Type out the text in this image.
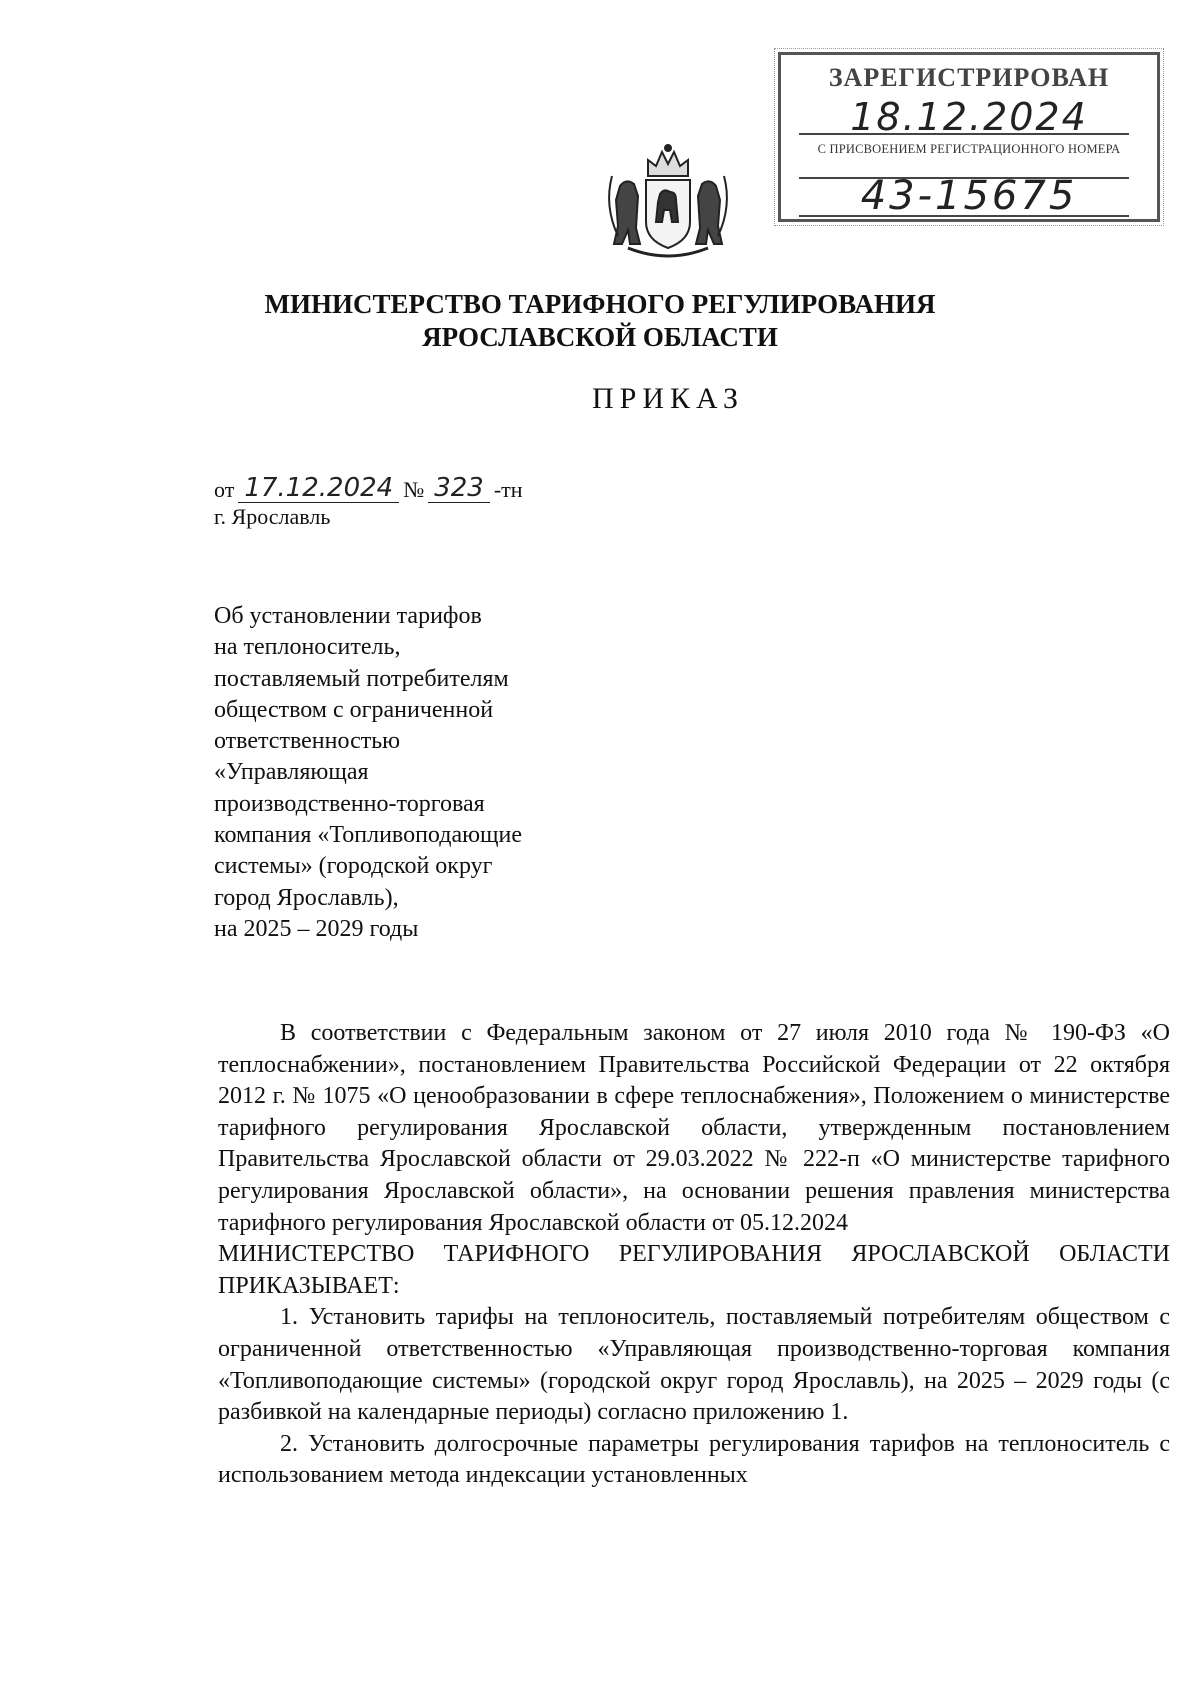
ЗАРЕГИСТРИРОВАН
18.12.2024
С ПРИСВОЕНИЕМ РЕГИСТРАЦИОННОГО НОМЕРА
43-15675
МИНИСТЕРСТВО ТАРИФНОГО РЕГУЛИРОВАНИЯ
ЯРОСЛАВСКОЙ ОБЛАСТИ
ПРИКАЗ
от 17.12.2024 № 323 -тн
г. Ярославль
Об установлении тарифов
на теплоноситель,
поставляемый потребителям
обществом с ограниченной
ответственностью
«Управляющая
производственно-торговая
компания «Топливоподающие
системы» (городской округ
город Ярославль),
на 2025 – 2029 годы

В соответствии с Федеральным законом от 27 июля 2010 года № 190-ФЗ «О теплоснабжении», постановлением Правительства Российской Федерации от 22 октября 2012 г. № 1075 «О ценообразовании в сфере теплоснабжения», Положением о министерстве тарифного регулирования Ярославской области, утвержденным постановлением Правительства Ярославской области от 29.03.2022 № 222-п «О министерстве тарифного регулирования Ярославской области», на основании решения правления министерства тарифного регулирования Ярославской области от 05.12.2024

МИНИСТЕРСТВО ТАРИФНОГО РЕГУЛИРОВАНИЯ ЯРОСЛАВСКОЙ ОБЛАСТИ ПРИКАЗЫВАЕТ:

1. Установить тарифы на теплоноситель, поставляемый потребителям обществом с ограниченной ответственностью «Управляющая производственно-торговая компания «Топливоподающие системы» (городской округ город Ярославль), на 2025 – 2029 годы (с разбивкой на календарные периоды) согласно приложению 1.

2. Установить долгосрочные параметры регулирования тарифов на теплоноситель с использованием метода индексации установленных
